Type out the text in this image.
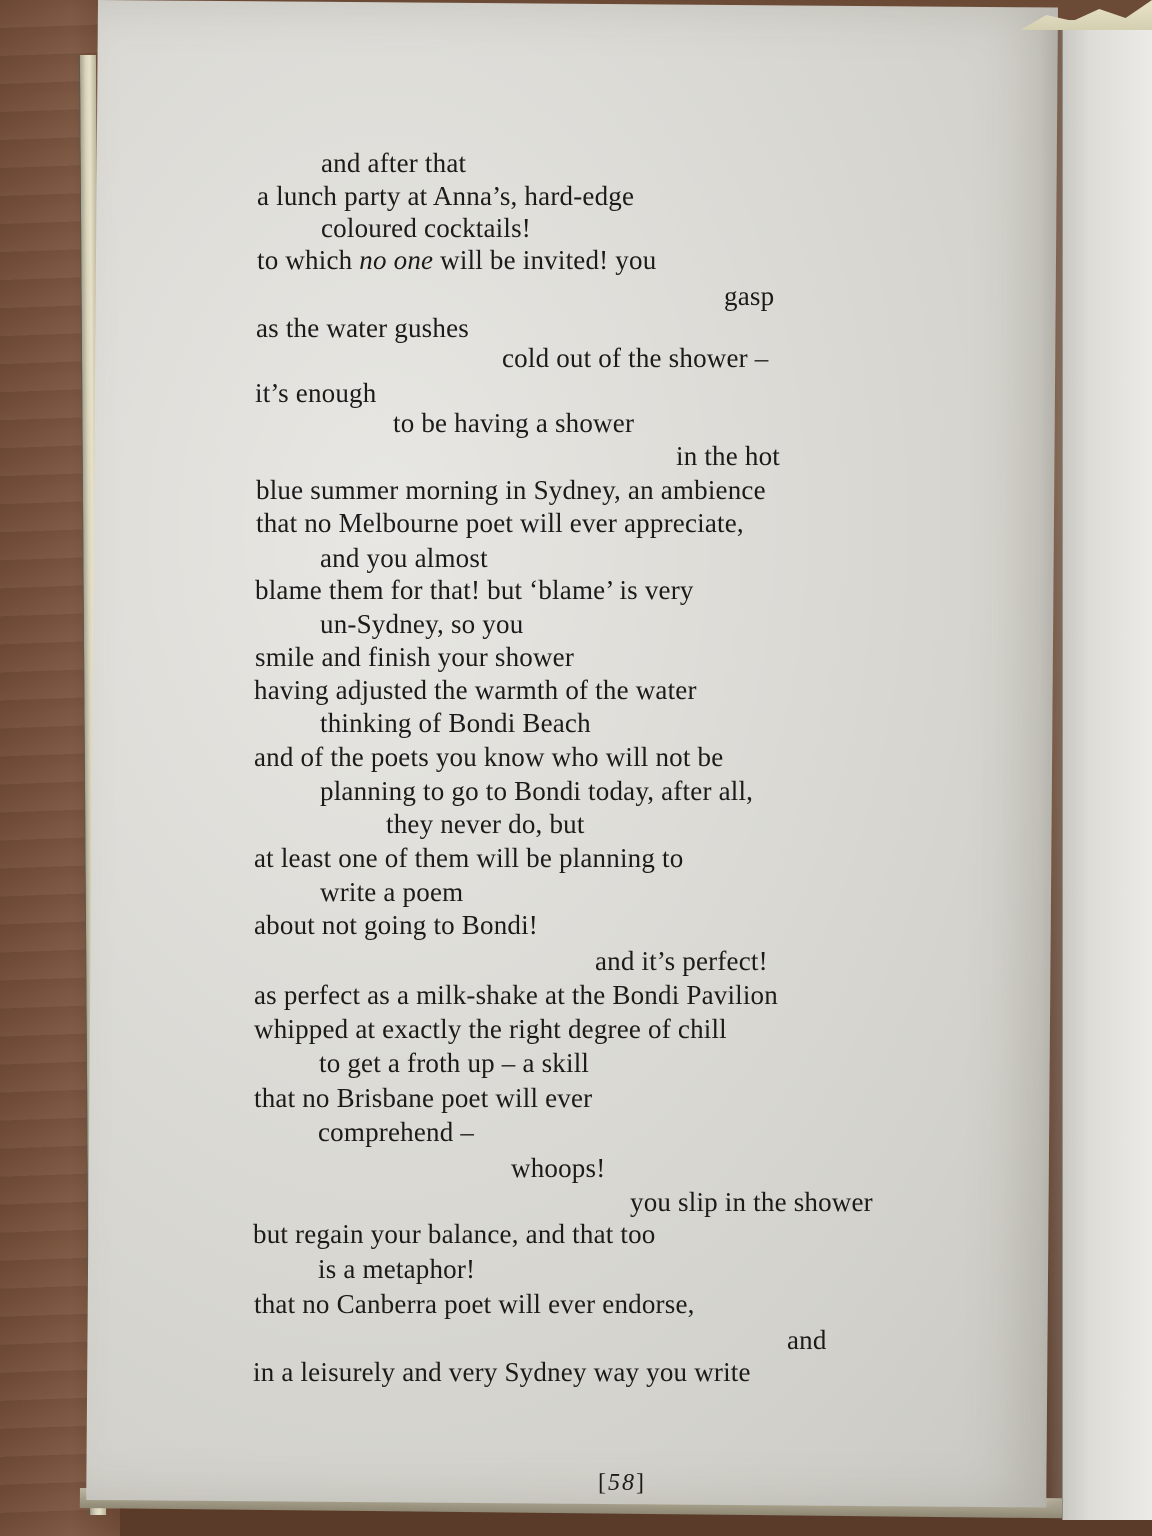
and after that
a lunch party at Anna’s, hard-edge
coloured cocktails!
to which no one will be invited! you
gasp
as the water gushes
cold out of the shower –
it’s enough
to be having a shower
in the hot
blue summer morning in Sydney, an ambience
that no Melbourne poet will ever appreciate,
and you almost
blame them for that! but ‘blame’ is very
un-Sydney, so you
smile and finish your shower
having adjusted the warmth of the water
thinking of Bondi Beach
and of the poets you know who will not be
planning to go to Bondi today, after all,
they never do, but
at least one of them will be planning to
write a poem
about not going to Bondi!
and it’s perfect!
as perfect as a milk-shake at the Bondi Pavilion
whipped at exactly the right degree of chill
to get a froth up – a skill
that no Brisbane poet will ever
comprehend –
whoops!
you slip in the shower
but regain your balance, and that too
is a metaphor!
that no Canberra poet will ever endorse,
and
in a leisurely and very Sydney way you write
[58]
